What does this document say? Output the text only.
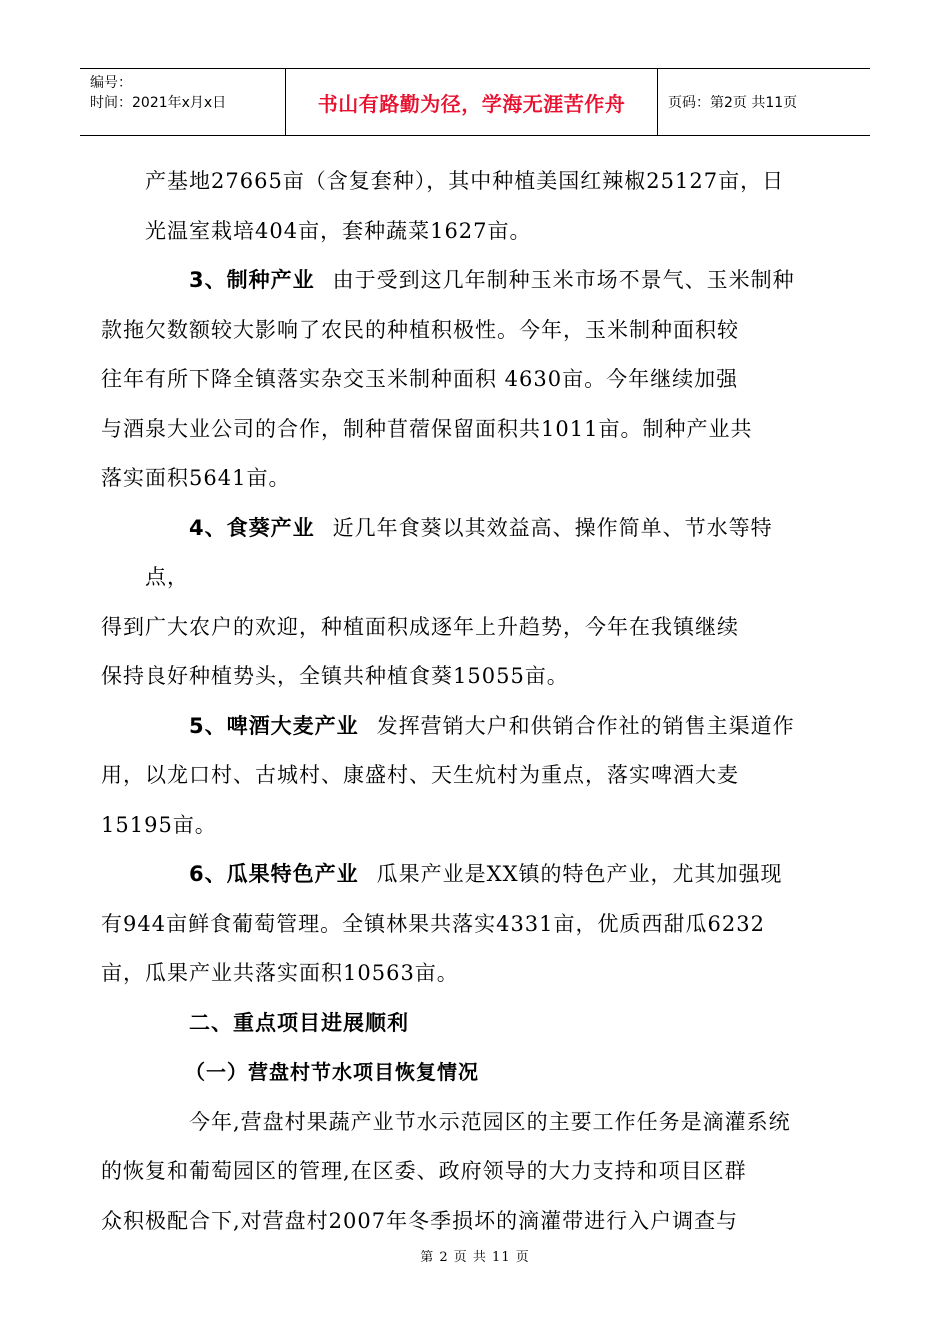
编号：
时间：2021年x月x日	书山有路勤为径，学海无涯苦作舟	页码：第2页 共11页

产基地27665亩（含复套种），其中种植美国红辣椒25127亩，日
光温室栽培404亩，套种蔬菜1627亩。

3、制种产业 由于受到这几年制种玉米市场不景气、玉米制种
款拖欠数额较大影响了农民的种植积极性。今年，玉米制种面积较
往年有所下降全镇落实杂交玉米制种面积 4630亩。今年继续加强
与酒泉大业公司的合作，制种苜蓿保留面积共1011亩。制种产业共
落实面积5641亩。

4、食葵产业 近几年食葵以其效益高、操作简单、节水等特点，
得到广大农户的欢迎，种植面积成逐年上升趋势，今年在我镇继续
保持良好种植势头，全镇共种植食葵15055亩。

5、啤酒大麦产业 发挥营销大户和供销合作社的销售主渠道作
用，以龙口村、古城村、康盛村、天生炕村为重点，落实啤酒大麦
15195亩。

6、瓜果特色产业 瓜果产业是XX镇的特色产业，尤其加强现
有944亩鲜食葡萄管理。全镇林果共落实4331亩，优质西甜瓜6232
亩，瓜果产业共落实面积10563亩。

二、重点项目进展顺利

（一）营盘村节水项目恢复情况

今年,营盘村果蔬产业节水示范园区的主要工作任务是滴灌系统
的恢复和葡萄园区的管理,在区委、政府领导的大力支持和项目区群
众积极配合下,对营盘村2007年冬季损坏的滴灌带进行入户调查与

第 2 页 共 11 页
